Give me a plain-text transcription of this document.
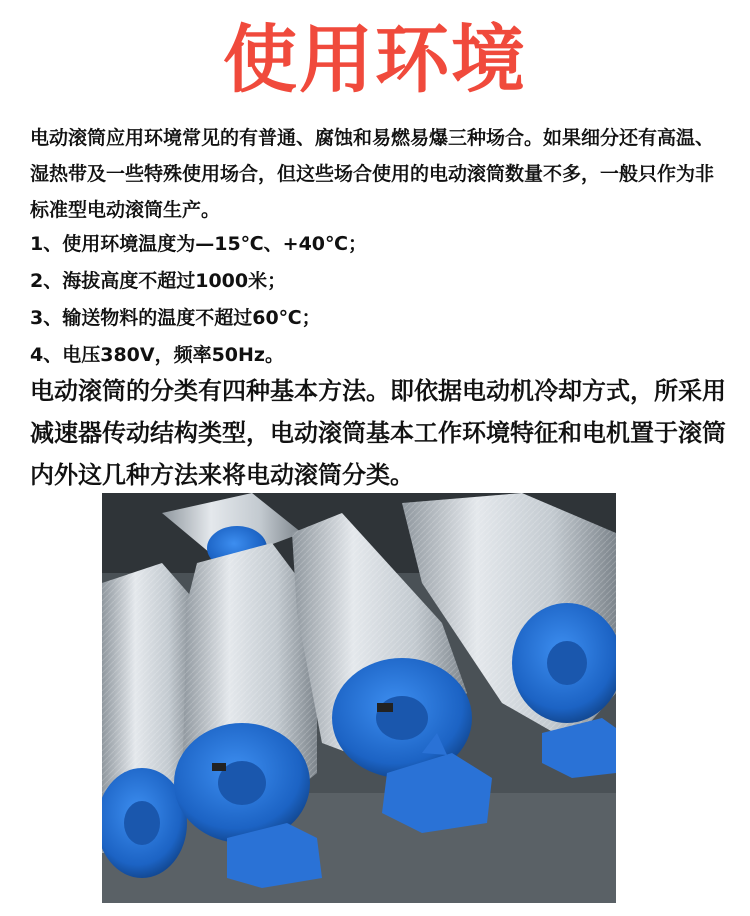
使用环境

电动滚筒应用环境常见的有普通、腐蚀和易燃易爆三种场合。如果细分还有高温、湿热带及一些特殊使用场合，但这些场合使用的电动滚筒数量不多，一般只作为非标准型电动滚筒生产。

1、使用环境温度为—15℃、+40℃；

2、海拔高度不超过1000米；

3、输送物料的温度不超过60℃；

4、电压380V，频率50Hz。

电动滚筒的分类有四种基本方法。即依据电动机冷却方式，所采用减速器传动结构类型，电动滚筒基本工作环境特征和电机置于滚筒内外这几种方法来将电动滚筒分类。
